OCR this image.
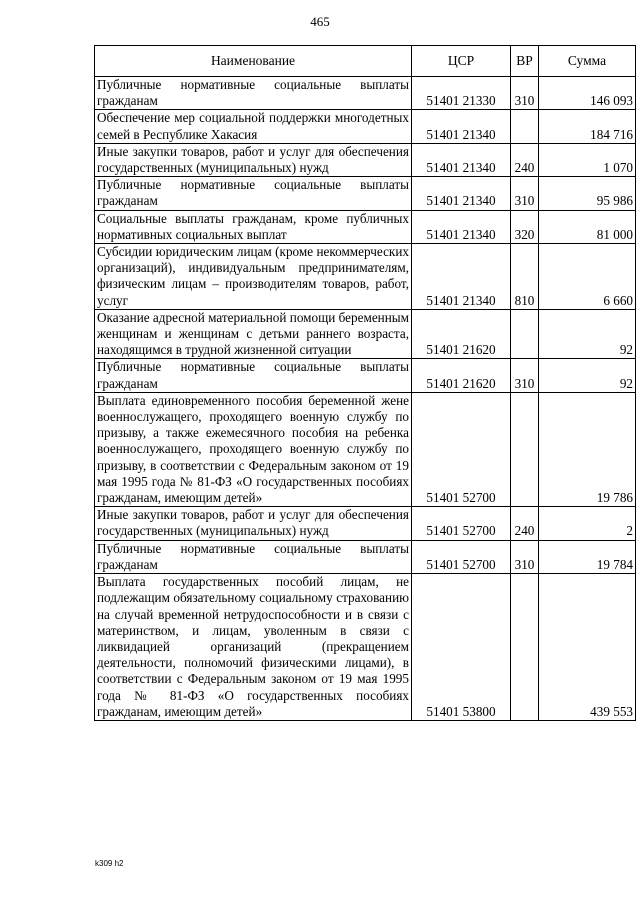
465
Наименование	ЦСР	ВР	Сумма
Публичные нормативные социальные выплаты гражданам	51401 21330	310	146 093
Обеспечение мер социальной поддержки многодетных семей в Республике Хакасия	51401 21340		184 716
Иные закупки товаров, работ и услуг для обеспечения государственных (муниципальных) нужд	51401 21340	240	1 070
Публичные нормативные социальные выплаты гражданам	51401 21340	310	95 986
Социальные выплаты гражданам, кроме публичных нормативных социальных выплат	51401 21340	320	81 000
Субсидии юридическим лицам (кроме некоммерческих организаций), индивидуальным предпринимателям, физическим лицам – производителям товаров, работ, услуг	51401 21340	810	6 660
Оказание адресной материальной помощи беременным женщинам и женщинам с детьми раннего возраста, находящимся в трудной жизненной ситуации	51401 21620		92
Публичные нормативные социальные выплаты гражданам	51401 21620	310	92
Выплата единовременного пособия беременной жене военнослужащего, проходящего военную службу по призыву, а также ежемесячного пособия на ребенка военнослужащего, проходящего военную службу по призыву, в соответствии с Федеральным законом от 19 мая 1995 года № 81-ФЗ «О государственных пособиях гражданам, имеющим детей»	51401 52700		19 786
Иные закупки товаров, работ и услуг для обеспечения государственных (муниципальных) нужд	51401 52700	240	2
Публичные нормативные социальные выплаты гражданам	51401 52700	310	19 784
Выплата государственных пособий лицам, не подлежащим обязательному социальному страхованию на случай временной нетрудоспособности и в связи с материнством, и лицам, уволенным в связи с ликвидацией организаций (прекращением деятельности, полномочий физическими лицами), в соответствии с Федеральным законом от 19 мая 1995 года № 81-ФЗ «О государственных пособиях гражданам, имеющим детей»	51401 53800		439 553
k309 h2
